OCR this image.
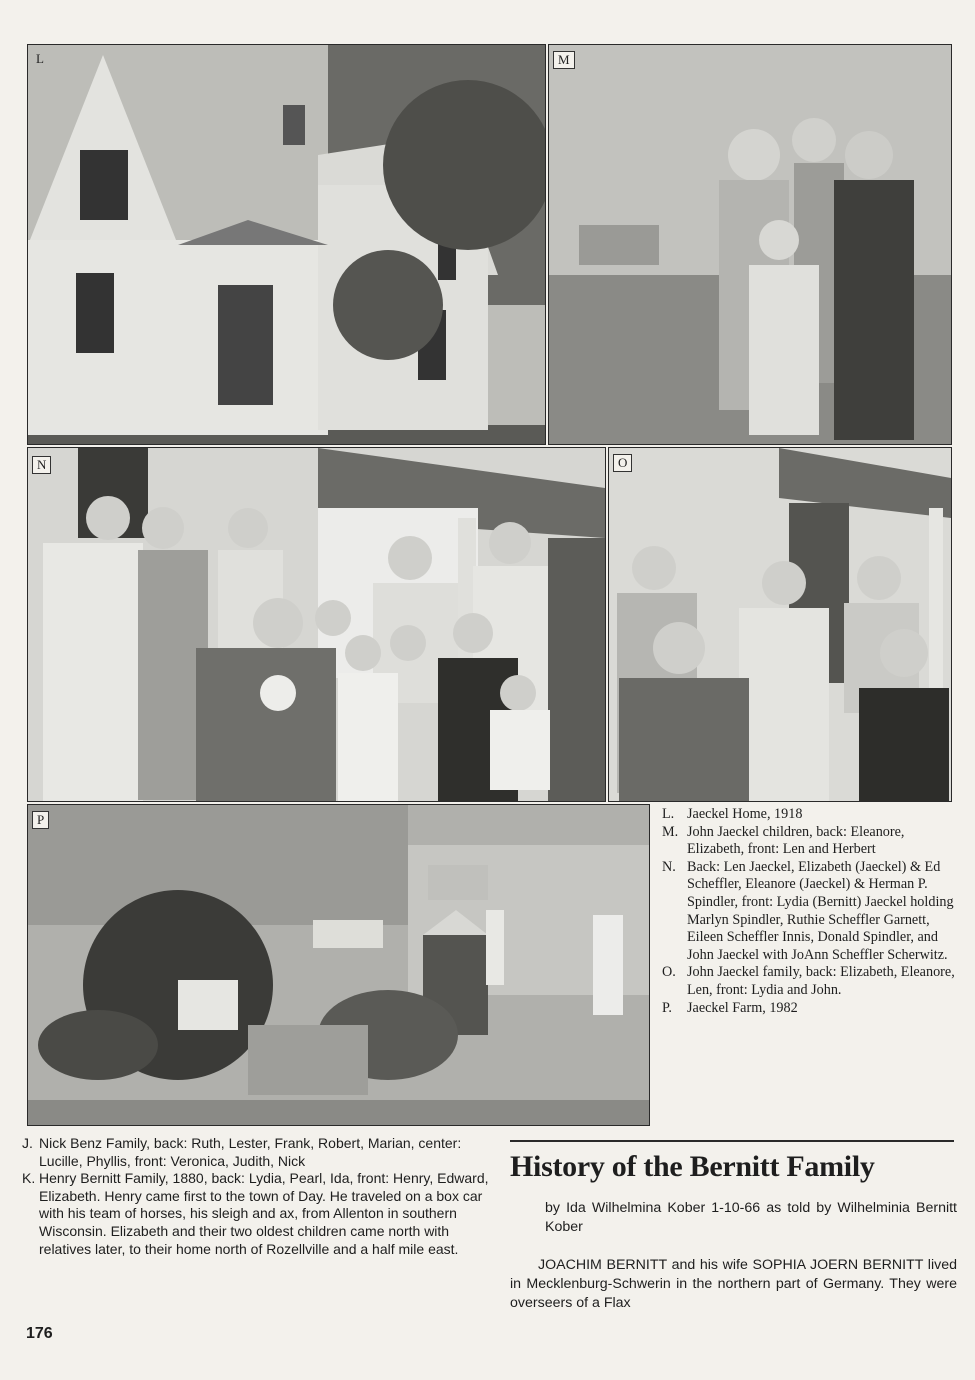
L	M
N	O
P	L. Jaeckel Home, 1918
M. John Jaeckel children, back: Eleanore, Elizabeth, front: Len and Herbert
N. Back: Len Jaeckel, Elizabeth (Jaeckel) & Ed Scheffler, Eleanore (Jaeckel) & Herman P. Spindler, front: Lydia (Bernitt) Jaeckel holding Marlyn Spindler, Ruthie Scheffler Garnett, Eileen Scheffler Innis, Donald Spindler, and John Jaeckel with JoAnn Scheffler Scherwitz.
O. John Jaeckel family, back: Elizabeth, Eleanore, Len, front: Lydia and John.
P. Jaeckel Farm, 1982
J. Nick Benz Family, back: Ruth, Lester, Frank, Robert, Marian, center: Lucille, Phyllis, front: Veronica, Judith, Nick
K. Henry Bernitt Family, 1880, back: Lydia, Pearl, Ida, front: Henry, Edward, Elizabeth. Henry came first to the town of Day. He traveled on a box car with his team of horses, his sleigh and ax, from Allenton in southern Wisconsin. Elizabeth and their two oldest children came north with relatives later, to their home north of Rozellville and a half mile east.
176
History of the Bernitt Family
by Ida Wilhelmina Kober 1-10-66 as told by Wilhelminia Bernitt Kober
JOACHIM BERNITT and his wife SOPHIA JOERN BERNITT lived in Mecklenburg-Schwerin in the northern part of Germany. They were overseers of a Flax
